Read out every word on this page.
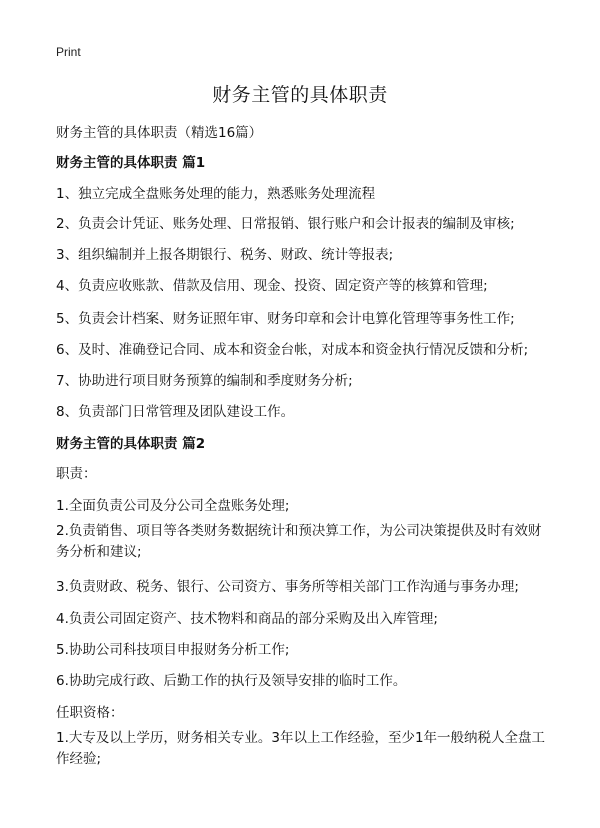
Print
财务主管的具体职责
财务主管的具体职责（精选16篇）
财务主管的具体职责 篇1
1、独立完成全盘账务处理的能力，熟悉账务处理流程
2、负责会计凭证、账务处理、日常报销、银行账户和会计报表的编制及审核;
3、组织编制并上报各期银行、税务、财政、统计等报表;
4、负责应收账款、借款及信用、现金、投资、固定资产等的核算和管理;
5、负责会计档案、财务证照年审、财务印章和会计电算化管理等事务性工作;
6、及时、准确登记合同、成本和资金台帐，对成本和资金执行情况反馈和分析;
7、协助进行项目财务预算的编制和季度财务分析;
8、负责部门日常管理及团队建设工作。
财务主管的具体职责 篇2
职责：
1.全面负责公司及分公司全盘账务处理;
2.负责销售、项目等各类财务数据统计和预决算工作，为公司决策提供及时有效财务分析和建议;
3.负责财政、税务、银行、公司资方、事务所等相关部门工作沟通与事务办理;
4.负责公司固定资产、技术物料和商品的部分采购及出入库管理;
5.协助公司科技项目申报财务分析工作;
6.协助完成行政、后勤工作的执行及领导安排的临时工作。
任职资格：
1.大专及以上学历，财务相关专业。3年以上工作经验，至少1年一般纳税人全盘工作经验;
